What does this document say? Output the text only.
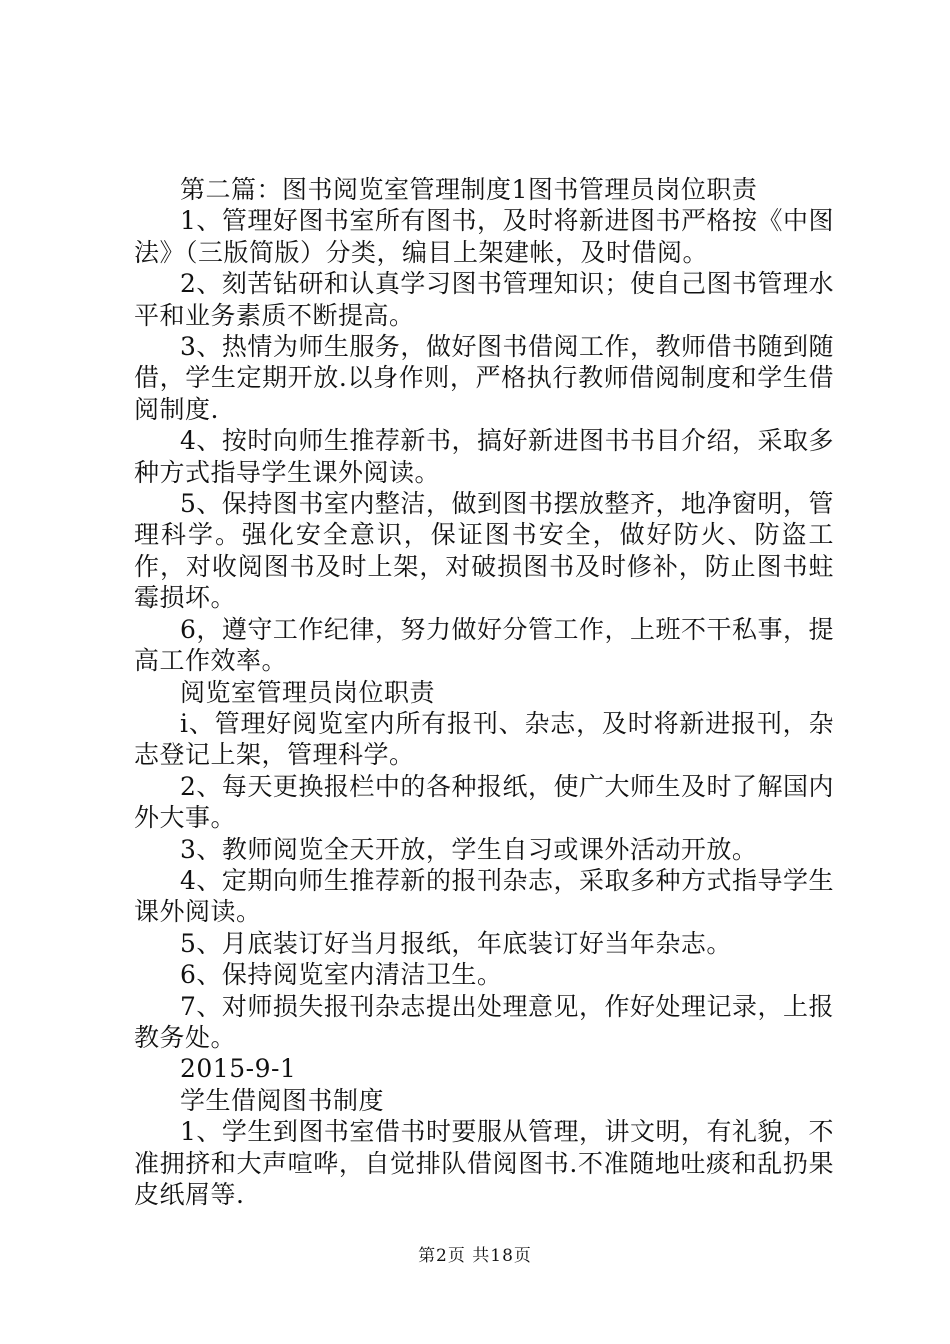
第二篇：图书阅览室管理制度1图书管理员岗位职责

1、管理好图书室所有图书，及时将新进图书严格按《中图法》（三版简版）分类，编目上架建帐，及时借阅。

2、刻苦钻研和认真学习图书管理知识；使自己图书管理水平和业务素质不断提高。

3、热情为师生服务，做好图书借阅工作，教师借书随到随借，学生定期开放.以身作则，严格执行教师借阅制度和学生借阅制度.

4、按时向师生推荐新书，搞好新进图书书目介绍，采取多种方式指导学生课外阅读。

5、保持图书室内整洁，做到图书摆放整齐，地净窗明，管理科学。强化安全意识，保证图书安全，做好防火、防盗工作，对收阅图书及时上架，对破损图书及时修补，防止图书蛀霉损坏。

6，遵守工作纪律，努力做好分管工作，上班不干私事，提高工作效率。

阅览室管理员岗位职责

i、管理好阅览室内所有报刊、杂志，及时将新进报刊，杂志登记上架，管理科学。

2、每天更换报栏中的各种报纸，使广大师生及时了解国内外大事。

3、教师阅览全天开放，学生自习或课外活动开放。

4、定期向师生推荐新的报刊杂志，采取多种方式指导学生课外阅读。

5、月底装订好当月报纸，年底装订好当年杂志。

6、保持阅览室内清洁卫生。

7、对师损失报刊杂志提出处理意见，作好处理记录，上报教务处。

2015-9-1

学生借阅图书制度

1、学生到图书室借书时要服从管理，讲文明，有礼貌，不准拥挤和大声喧哗，自觉排队借阅图书.不准随地吐痰和乱扔果皮纸屑等.

第2页 共18页
